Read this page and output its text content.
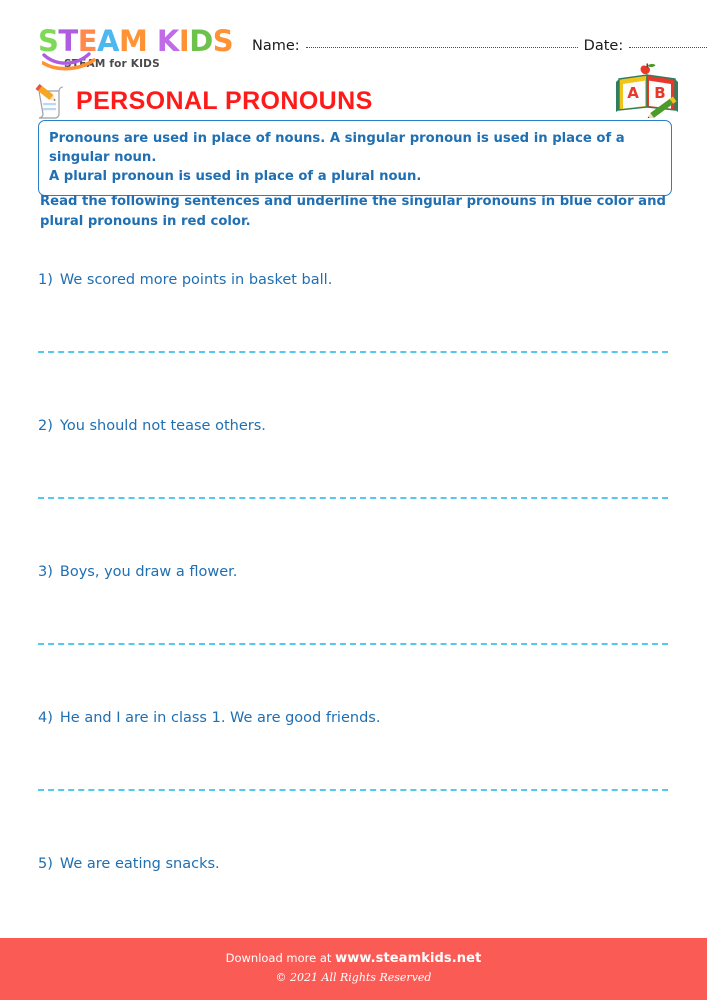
STEAM KIDS
STEAM for KIDS
Name:	Date:
PERSONAL PRONOUNS	A B
Pronouns are used in place of nouns. A singular pronoun is used in place of a singular noun.
A plural pronoun is used in place of a plural noun.
Read the following sentences and underline the singular pronouns in blue color and plural pronouns in red color.
1) We scored more points in basket ball.
2) You should not tease others.
3) Boys, you draw a flower.
4) He and I are in class 1. We are good friends.
5) We are eating snacks.
Download more at www.steamkids.net
© 2021 All Rights Reserved
